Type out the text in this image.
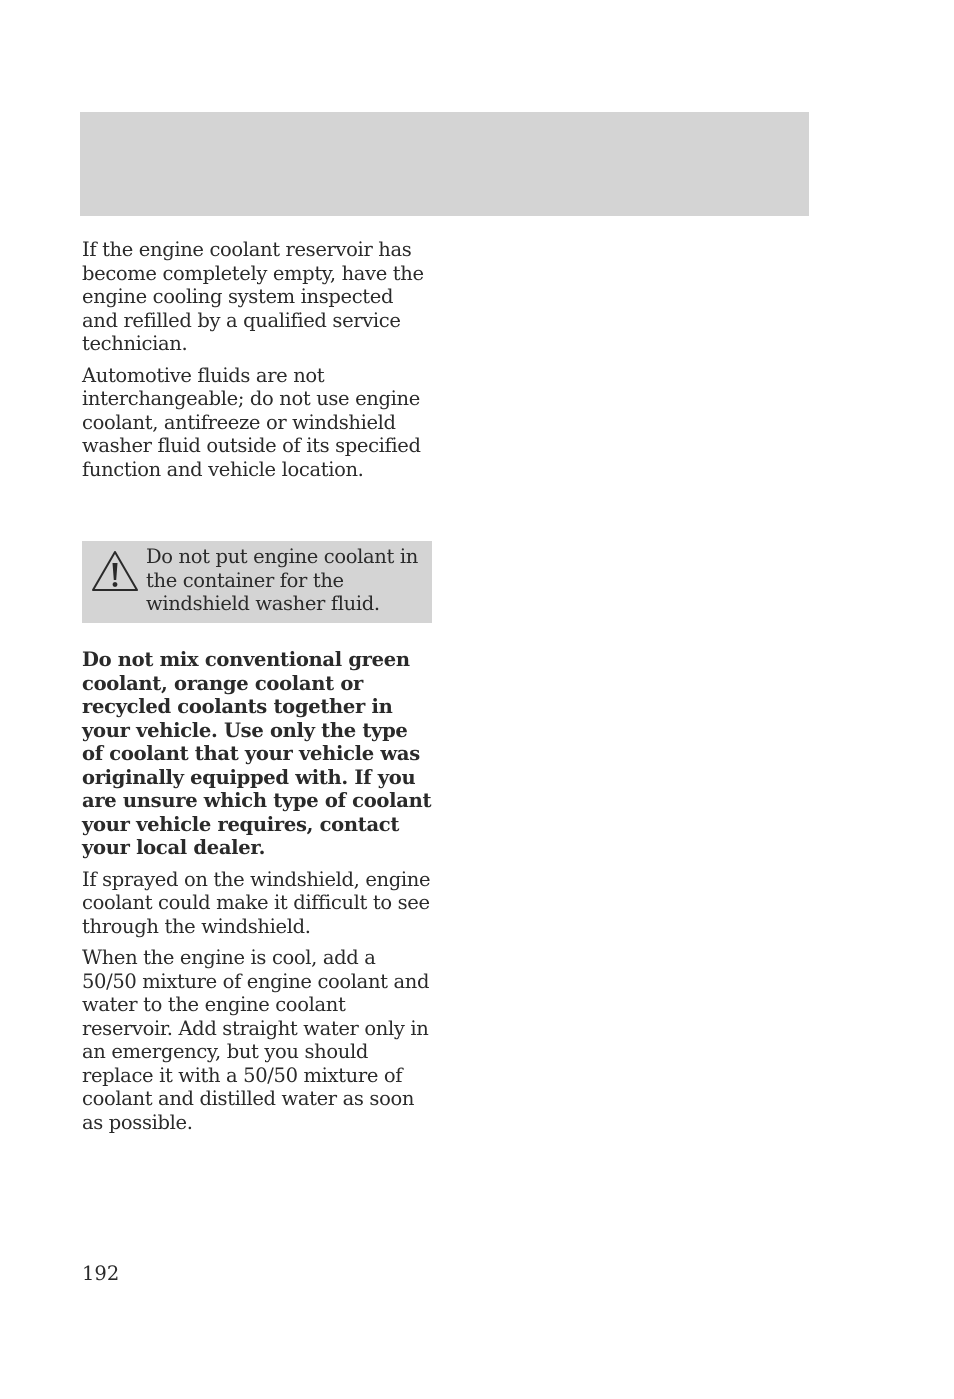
If the engine coolant reservoir has become completely empty, have the engine cooling system inspected and refilled by a qualified service technician.

Automotive fluids are not interchangeable; do not use engine coolant, antifreeze or windshield washer fluid outside of its specified function and vehicle location.

Do not put engine coolant in the container for the windshield washer fluid.

Do not mix conventional green coolant, orange coolant or recycled coolants together in your vehicle. Use only the type of coolant that your vehicle was originally equipped with. If you are unsure which type of coolant your vehicle requires, contact your local dealer.

If sprayed on the windshield, engine coolant could make it difficult to see through the windshield.

When the engine is cool, add a 50/50 mixture of engine coolant and water to the engine coolant reservoir. Add straight water only in an emergency, but you should replace it with a 50/50 mixture of coolant and distilled water as soon as possible.

192
